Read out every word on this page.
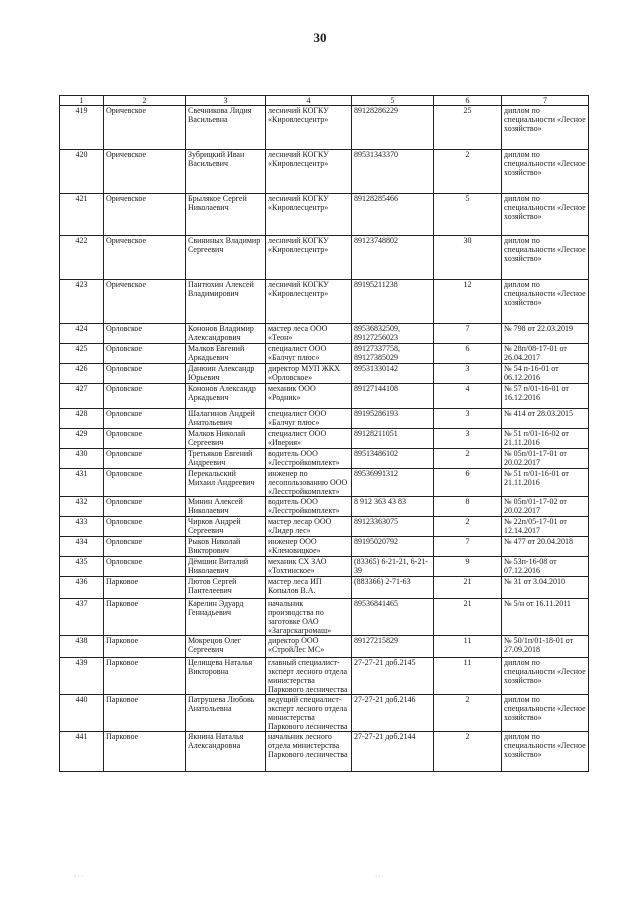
30
1	2	3	4	5	6	7
419	Оричевское	Свечникова Лидия Васильевна	лесничий КОГКУ «Кировлесцентр»	89128286229	25	диплом по специальности «Лесное хозяйство»
420	Оричевское	Зубрицкий Иван Васильевич	лесничий КОГКУ «Кировлесцентр»	89531343370	2	диплом по специальности «Лесное хозяйство»
421	Оричевское	Брылякое Сергей Николаевич	лесничий КОГКУ «Кировлесцентр»	89128285466	5	диплом по специальности «Лесное хозяйство»
422	Оричевское	Свининых Владимир Сергеевич	лесничий КОГКУ «Кировлесцентр»	89123748802	30	диплом по специальности «Лесное хозяйство»
423	Оричевское	Пантюхин Алексей Владимирович	лесничий КОГКУ «Кировлесцентр»	89195211238	12	диплом по специальности «Лесное хозяйство»
424	Орловское	Кононов Владимир Александрович	мастер леса ООО «Теон»	89536832509, 89127256023	7	№ 798 от 22.03.2019
425	Орловское	Малков Евгений Аркадьевич	специалист ООО «Балчуг плюс»	89127337758, 89127385029	6	№ 28п/08-17-01 от 26.04.2017
426	Орловское	Данюин Александр Юрьевич	директор МУП ЖКХ «Орловское»	89531330142	3	№ 54 п-16-01 от 06.12.2016
427	Орловское	Кононов Александр Аркадьевич	механик ООО «Родник»	89127144108	4	№ 57 п/01-16-01 от 16.12.2016
428	Орловское	Шалагинов Андрей Анатольевич	специалист ООО «Балчуг плюс»	89195286193	3	№ 414 от 28.03.2015
429	Орловское	Малков Николай Сергеевич	специалист ООО «Иверия»	89128211051	3	№ 51 п/01-16-02 от 21.11.2016
430	Орловское	Третьяков Евгений Андреевич	водитель ООО «Лесстройкомплект»	89513486102	2	№ 05п/01-17-01 от 20.02.2017
431	Орловское	Перекальский Михаил Андреевич	инженер по лесопользованию ООО «Лесстройкомплект»	89536991312	6	№ 51 п/01-16-01 от 21.11.2016
432	Орловское	Минин Алексей Николаевич	водитель ООО «Лесстройкомплект»	8 912 363 43 83	8	№ 05п/01-17-02 от 20.02.2017
433	Орловское	Чирков Андрей Сергеевич	мастер лесар ООО «Лидер лес»	89123363075	2	№ 22п/05-17-01 от 12.14.2017
434	Орловское	Рыков Николай Викторович	инженер ООО «Кленовицкое»	89195020792	7	№ 477 от 20.04.2018
435	Орловское	Дёмшин Виталий Николаевич	механик СХ ЗАО «Тохтинское»	(83365) 6-21-21, 6-21-39	9	№ 53п-16-08 от 07.12.2016
436	Парковое	Лютов Сергей Пантелеевич	мастер леса ИП Копылов В.А.	(883366) 2-71-63	21	№ 31 от 3.04.2010
437	Парковое	Карелин Эдуард Геннадьевич	начальник производства по заготовке ОАО «Загарскагромаш»	89536841465	21	№ 5/н от 16.11.2011
438	Парковое	Мокрецов Олег Сергеевич	директор ООО «СтройЛес МС»	89127215829	11	№ 50/1п/01-18-01 от 27.09.2018
439	Парковое	Целищева Наталья Викторовна	главный специалист-эксперт лесного отдела министерства Паркового лесничества	27-27-21 доб.2145	11	диплом по специальности «Лесное хозяйство»
440	Парковое	Патрушева Любовь Анатольевна	ведущий специалист-эксперт лесного отдела министерства Паркового лесничества	27-27-21 доб.2146	2	диплом по специальности «Лесное хозяйство»
441	Парковое	Якнина Наталья Александровна	начальник лесного отдела министерства Паркового лесничества	27-27-21 доб.2144	2	диплом по специальности «Лесное хозяйство»
· · ·	· · ·
